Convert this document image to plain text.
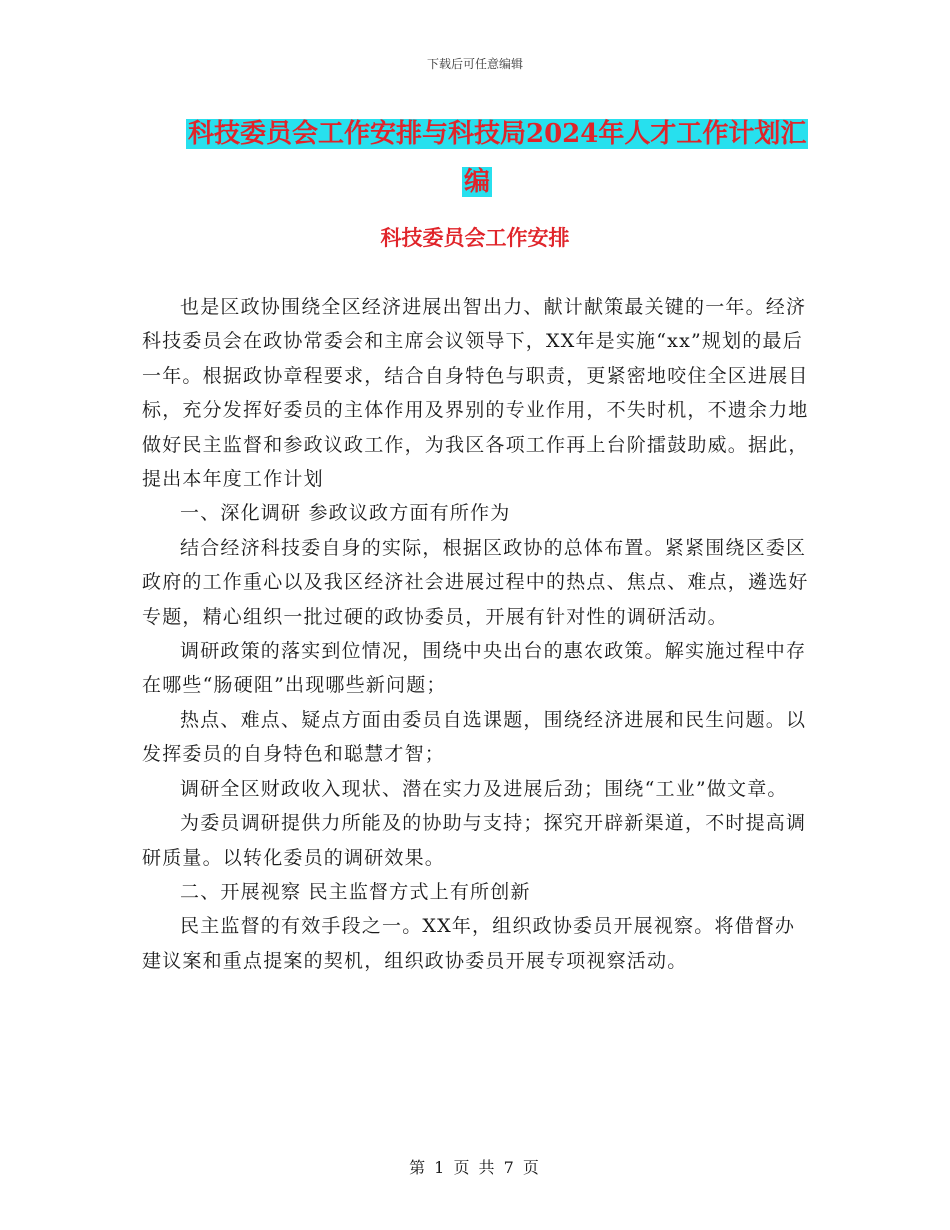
下载后可任意编辑
科技委员会工作安排与科技局2024年人才工作计划汇
编
科技委员会工作安排

也是区政协围绕全区经济进展出智出力、献计献策最关键的一年。经济科技委员会在政协常委会和主席会议领导下，XX年是实施“xx”规划的最后一年。根据政协章程要求，结合自身特色与职责，更紧密地咬住全区进展目标，充分发挥好委员的主体作用及界别的专业作用，不失时机，不遗余力地做好民主监督和参政议政工作，为我区各项工作再上台阶擂鼓助威。据此，提出本年度工作计划

一、深化调研 参政议政方面有所作为

结合经济科技委自身的实际，根据区政协的总体布置。紧紧围绕区委区政府的工作重心以及我区经济社会进展过程中的热点、焦点、难点，遴选好专题，精心组织一批过硬的政协委员，开展有针对性的调研活动。

调研政策的落实到位情况，围绕中央出台的惠农政策。解实施过程中存在哪些“肠硬阻”出现哪些新问题；

热点、难点、疑点方面由委员自选课题，围绕经济进展和民生问题。以发挥委员的自身特色和聪慧才智；

调研全区财政收入现状、潜在实力及进展后劲；围绕“工业”做文章。

为委员调研提供力所能及的协助与支持；探究开辟新渠道，不时提高调研质量。以转化委员的调研效果。

二、开展视察 民主监督方式上有所创新

民主监督的有效手段之一。XX年，组织政协委员开展视察。将借督办建议案和重点提案的契机，组织政协委员开展专项视察活动。

第 1 页 共 7 页
